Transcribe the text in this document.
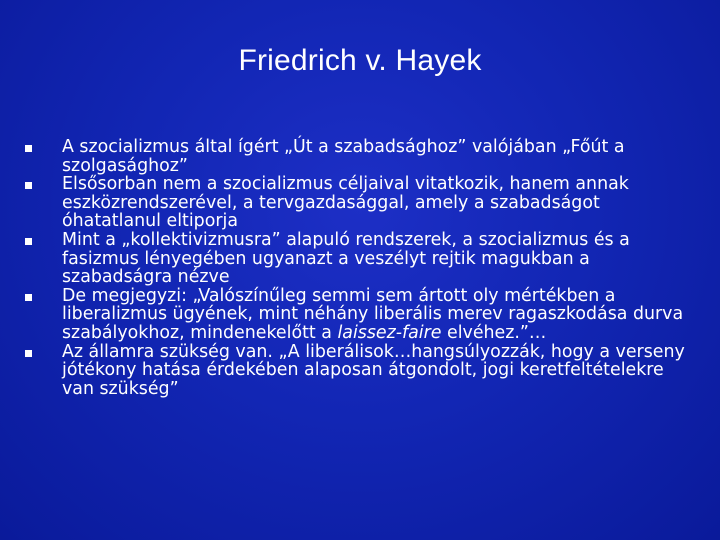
Friedrich v. Hayek
A szocializmus által ígért „Út a szabadsághoz” valójában „Főút a szolgasághoz”
Elsősorban nem a szocializmus céljaival vitatkozik, hanem annak eszközrendszerével, a tervgazdasággal, amely a szabadságot óhatatlanul eltiporja
Mint a „kollektivizmusra” alapuló rendszerek, a szocializmus és a fasizmus lényegében ugyanazt a veszélyt rejtik magukban a szabadságra nézve
De megjegyzi: „Valószínűleg semmi sem ártott oly mértékben a liberalizmus ügyének, mint néhány liberális merev ragaszkodása durva szabályokhoz, mindenekelőtt a laissez-faire elvéhez.”…
Az államra szükség van. „A liberálisok…hangsúlyozzák, hogy a verseny jótékony hatása érdekében alaposan átgondolt, jogi keretfeltételekre van szükség”
